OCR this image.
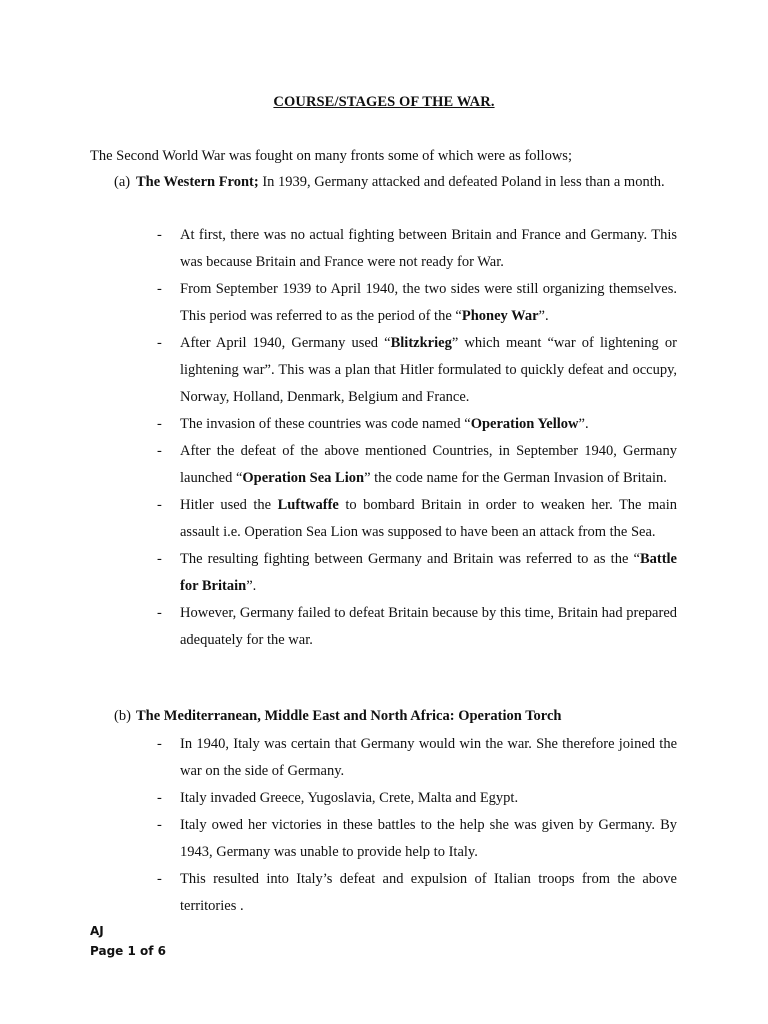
COURSE/STAGES OF THE WAR.
The Second World War was fought on many fronts some of which were as follows;
(a) The Western Front; In 1939, Germany attacked and defeated Poland in less than a month.
-	At first, there was no actual fighting between Britain and France and Germany. This was because Britain and France were not ready for War.
-	From September 1939 to April 1940, the two sides were still organizing themselves. This period was referred to as the period of the “Phoney War”.
-	After April 1940, Germany used “Blitzkrieg” which meant “war of lightening or lightening war”. This was a plan that Hitler formulated to quickly defeat and occupy, Norway, Holland, Denmark, Belgium and France.
-	The invasion of these countries was code named “Operation Yellow”.
-	After the defeat of the above mentioned Countries, in September 1940, Germany launched “Operation Sea Lion” the code name for the German Invasion of Britain.
-	Hitler used the Luftwaffe to bombard Britain in order to weaken her. The main assault i.e. Operation Sea Lion was supposed to have been an attack from the Sea.
-	The resulting fighting between Germany and Britain was referred to as the “Battle for Britain”.
-	However, Germany failed to defeat Britain because by this time, Britain had prepared adequately for the war.
(b) The Mediterranean, Middle East and North Africa: Operation Torch
-	In 1940, Italy was certain that Germany would win the war. She therefore joined the war on the side of Germany.
-	Italy invaded Greece, Yugoslavia, Crete, Malta and Egypt.
-	Italy owed her victories in these battles to the help she was given by Germany. By 1943, Germany was unable to provide help to Italy.
-	This resulted into Italy’s defeat and expulsion of Italian troops from the above territories .
AJ
Page 1 of 6
